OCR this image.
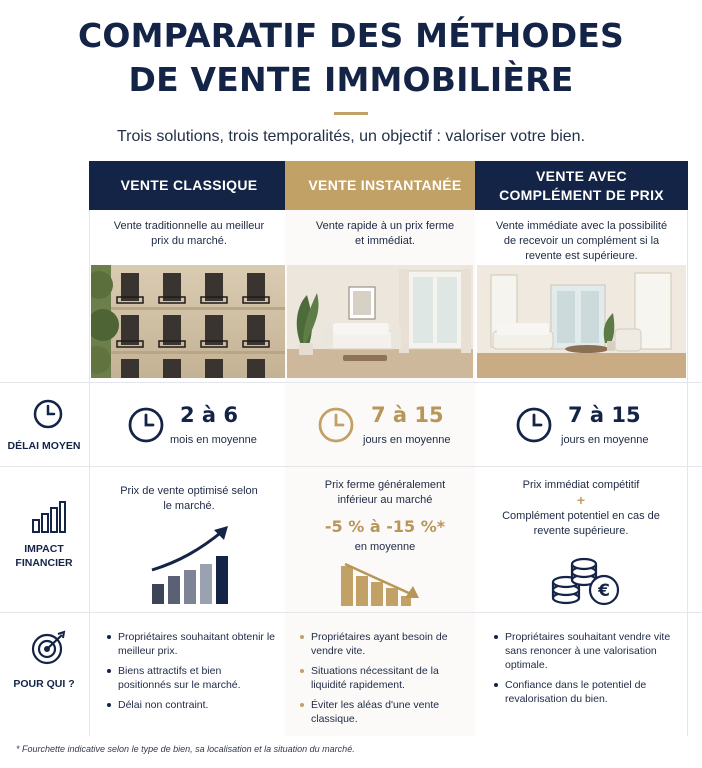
COMPARATIF DES MÉTHODES
DE VENTE IMMOBILIÈRE
Trois solutions, trois temporalités, un objectif : valoriser votre bien.
VENTE CLASSIQUE
Vente traditionnelle au meilleur prix du marché.
VENTE INSTANTANÉE
Vente rapide à un prix ferme et immédiat.
VENTE AVEC COMPLÉMENT DE PRIX
Vente immédiate avec la possibilité de recevoir un complément si la revente est supérieure.
DÉLAI MOYEN
IMPACT
FINANCIER
POUR QUI ?
2 à 6
mois en moyenne
7 à 15
jours en moyenne
7 à 15
jours en moyenne
Prix de vente optimisé selon le marché.
Prix ferme généralement inférieur au marché
-5 % à -15 %*
en moyenne
Prix immédiat compétitif
+
Complément potentiel en cas de revente supérieure.
€
Propriétaires souhaitant obtenir le meilleur prix.
Biens attractifs et bien positionnés sur le marché.
Délai non contraint.
Propriétaires ayant besoin de vendre vite.
Situations nécessitant de la liquidité rapidement.
Éviter les aléas d'une vente classique.
Propriétaires souhaitant vendre vite sans renoncer à une valorisation optimale.
Confiance dans le potentiel de revalorisation du bien.
* Fourchette indicative selon le type de bien, sa localisation et la situation du marché.
